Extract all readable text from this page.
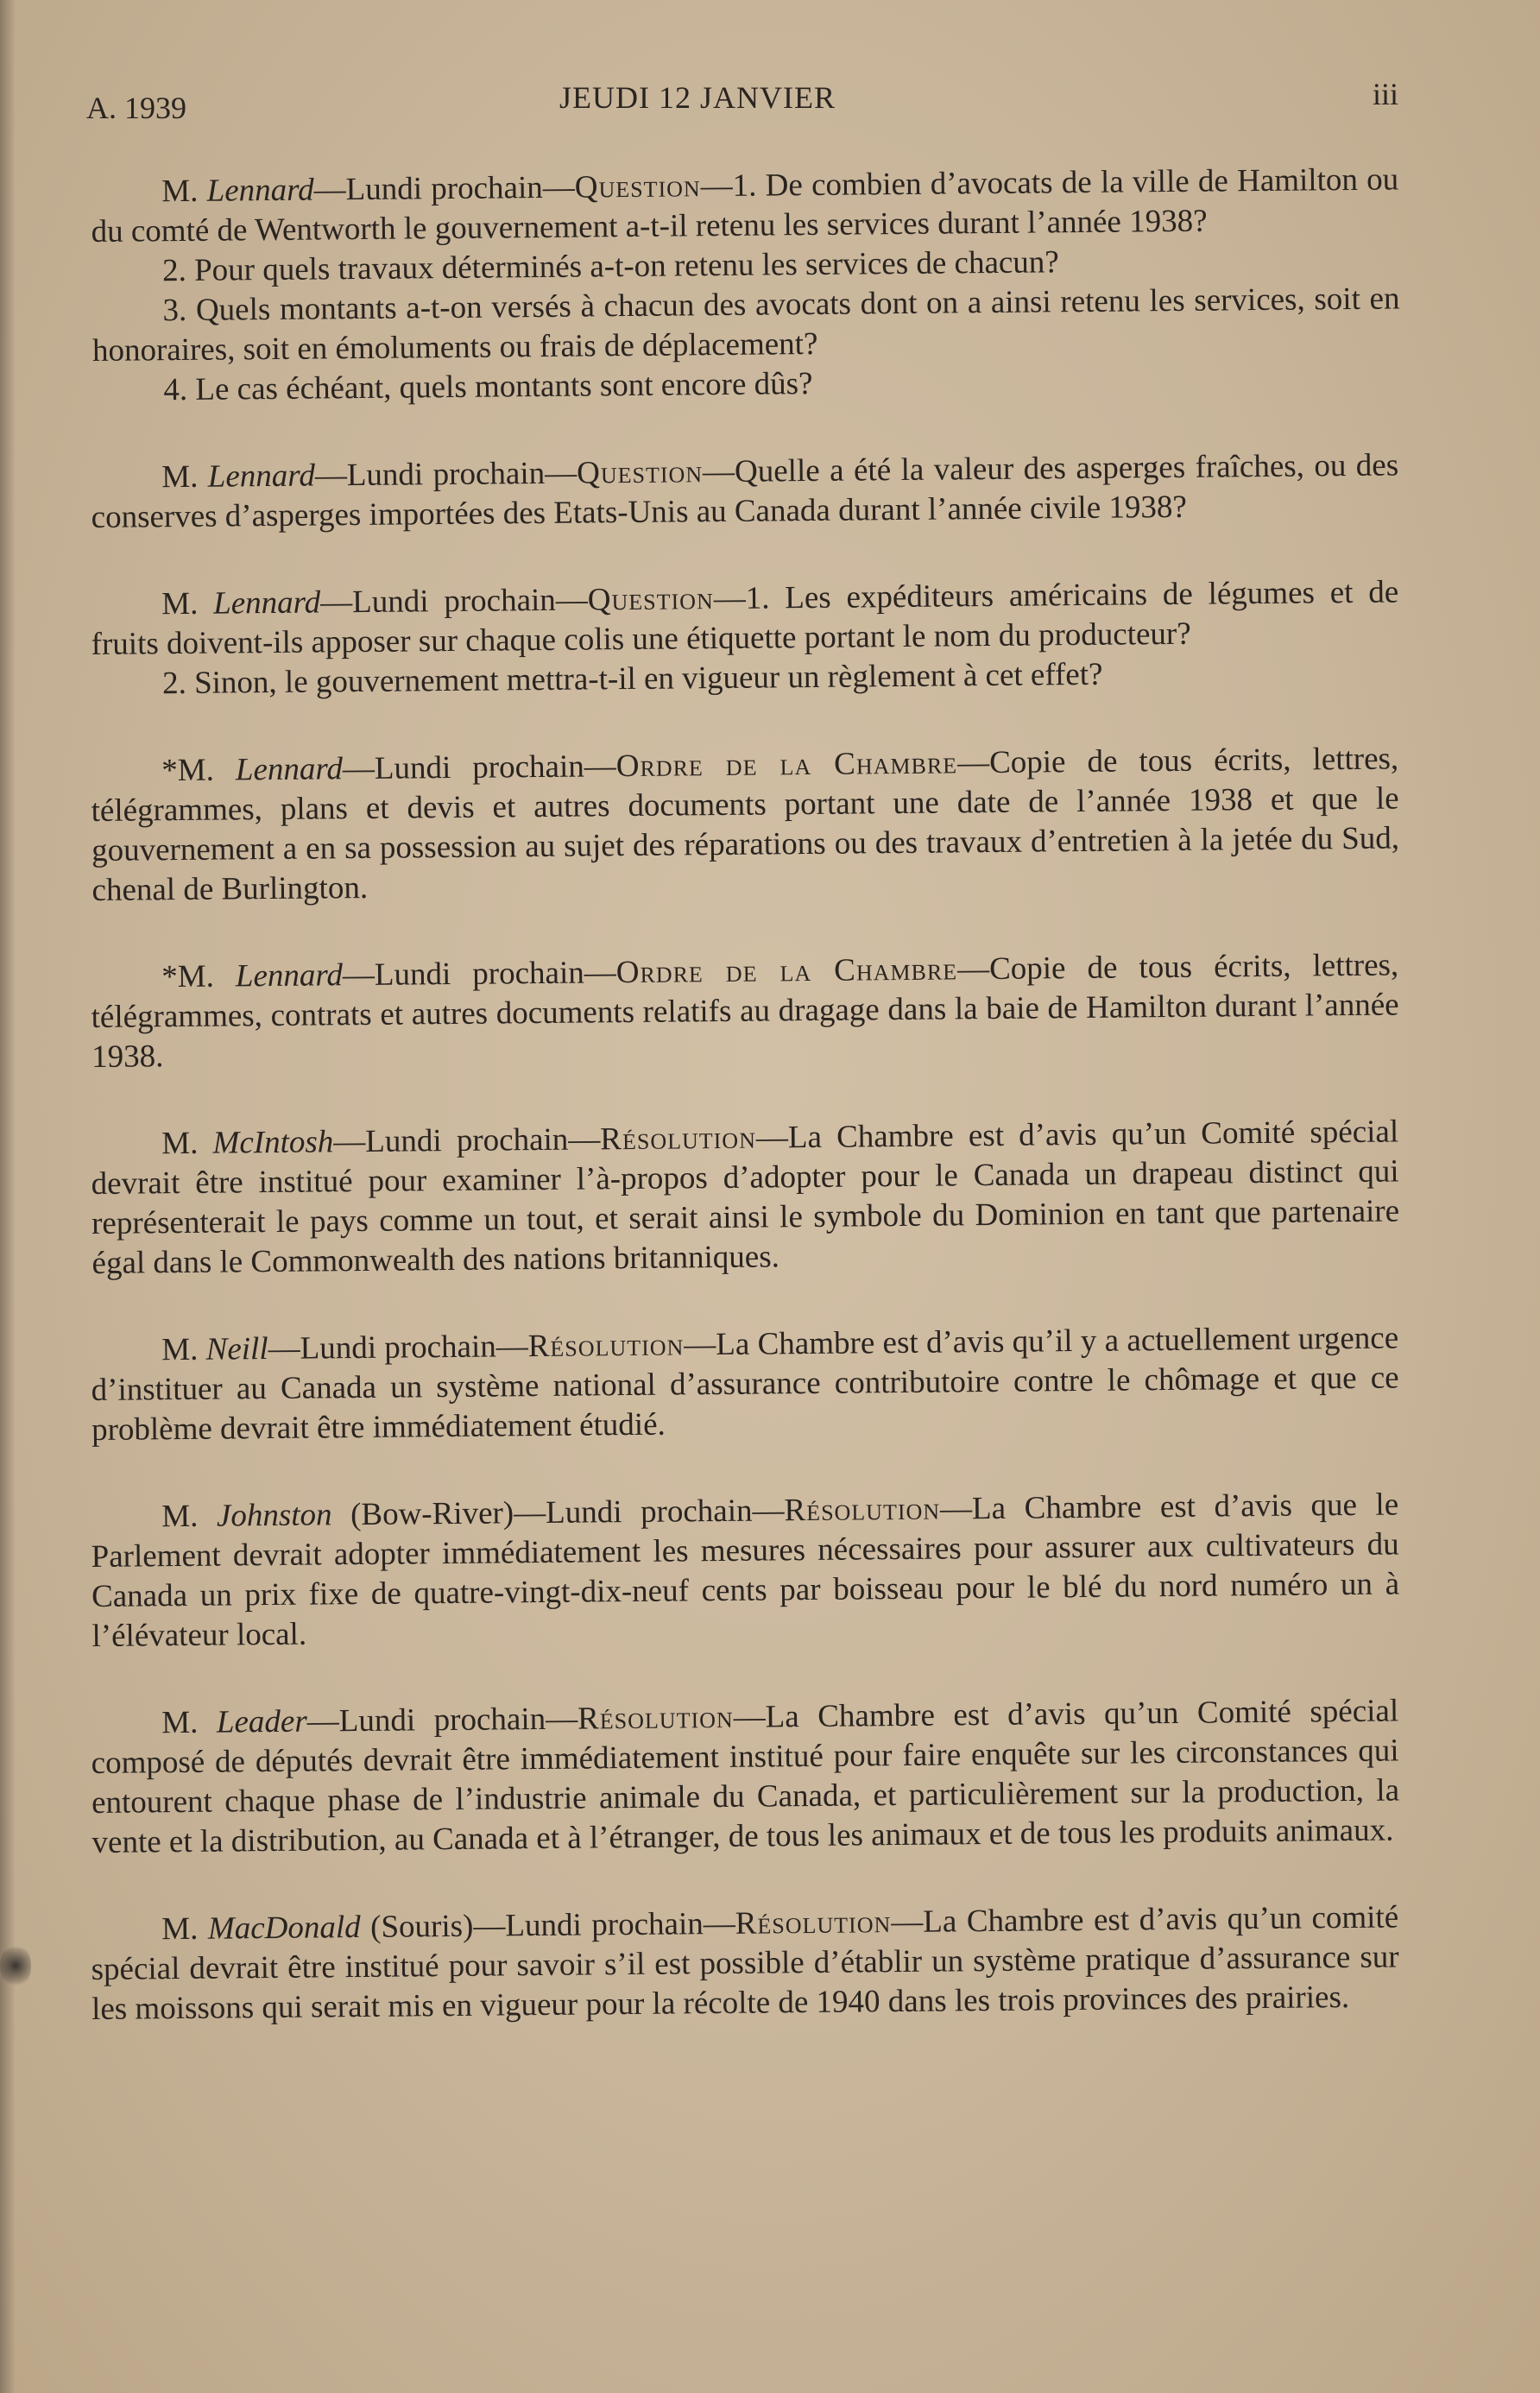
A. 1939	JEUDI 12 JANVIER	iii

M. Lennard—Lundi prochain—Question—1. De combien d’avocats de la ville de Hamilton ou du comté de Wentworth le gouvernement a-t-il retenu les services durant l’année 1938?

2. Pour quels travaux déterminés a-t-on retenu les services de chacun?

3. Quels montants a-t-on versés à chacun des avocats dont on a ainsi retenu les services, soit en honoraires, soit en émoluments ou frais de déplacement?

4. Le cas échéant, quels montants sont encore dûs?

M. Lennard—Lundi prochain—Question—Quelle a été la valeur des asperges fraîches, ou des conserves d’asperges importées des Etats-Unis au Canada durant l’année civile 1938?

M. Lennard—Lundi prochain—Question—1. Les expéditeurs américains de légumes et de fruits doivent-ils apposer sur chaque colis une étiquette portant le nom du producteur?

2. Sinon, le gouvernement mettra-t-il en vigueur un règlement à cet effet?

*M. Lennard—Lundi prochain—Ordre de la Chambre—Copie de tous écrits, lettres, télégrammes, plans et devis et autres documents portant une date de l’année 1938 et que le gouvernement a en sa possession au sujet des réparations ou des travaux d’entretien à la jetée du Sud, chenal de Burlington.

*M. Lennard—Lundi prochain—Ordre de la Chambre—Copie de tous écrits, lettres, télégrammes, contrats et autres documents relatifs au dragage dans la baie de Hamilton durant l’année 1938.

M. McIntosh—Lundi prochain—Résolution—La Chambre est d’avis qu’un Comité spécial devrait être institué pour examiner l’à-propos d’adopter pour le Canada un drapeau distinct qui représenterait le pays comme un tout, et serait ainsi le symbole du Dominion en tant que partenaire égal dans le Commonwealth des nations britanniques.

M. Neill—Lundi prochain—Résolution—La Chambre est d’avis qu’il y a actuellement urgence d’instituer au Canada un système national d’assurance contributoire contre le chômage et que ce problème devrait être immédiatement étudié.

M. Johnston (Bow-River)—Lundi prochain—Résolution—La Chambre est d’avis que le Parlement devrait adopter immédiatement les mesures nécessaires pour assurer aux cultivateurs du Canada un prix fixe de quatre-vingt-dix-neuf cents par boisseau pour le blé du nord numéro un à l’élévateur local.

M. Leader—Lundi prochain—Résolution—La Chambre est d’avis qu’un Comité spécial composé de députés devrait être immédiatement institué pour faire enquête sur les circonstances qui entourent chaque phase de l’industrie animale du Canada, et particulièrement sur la production, la vente et la distribution, au Canada et à l’étranger, de tous les animaux et de tous les produits animaux.

M. MacDonald (Souris)—Lundi prochain—Résolution—La Chambre est d’avis qu’un comité spécial devrait être institué pour savoir s’il est possible d’établir un système pratique d’assurance sur les moissons qui serait mis en vigueur pour la récolte de 1940 dans les trois provinces des prairies.
